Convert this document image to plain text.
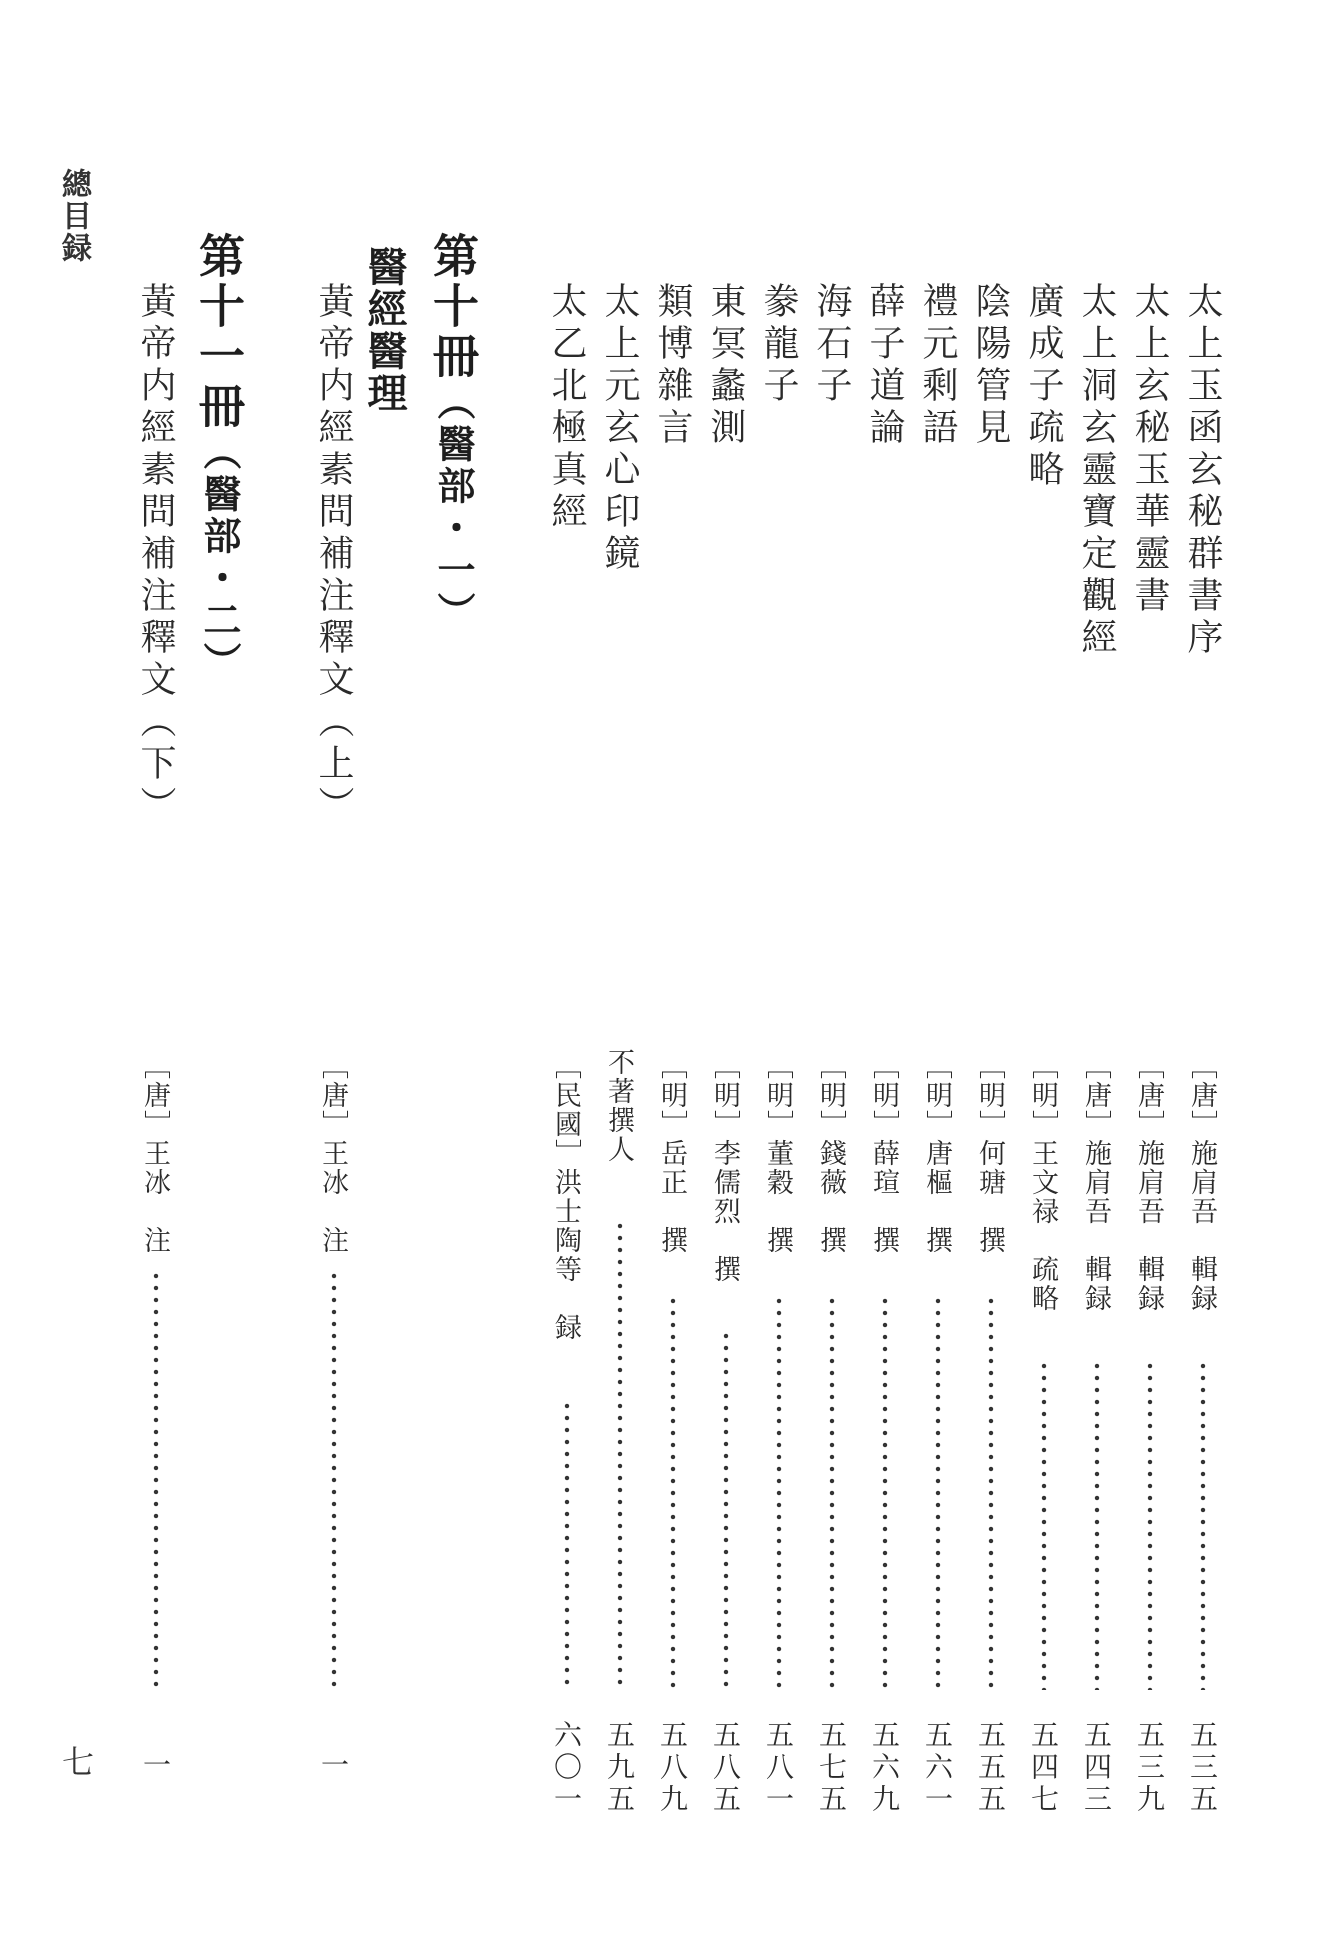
總目録
七
太上玉函玄秘群書序
［唐］施肩吾　輯録
五三五
太上玄秘玉華靈書
［唐］施肩吾　輯録
五三九
太上洞玄靈寶定觀經
［唐］施肩吾　輯録
五四三
廣成子疏略
［明］王文禄　疏略
五四七
陰陽管見
［明］何瑭　撰
五五五
禮元剩語
［明］唐樞　撰
五六一
薛子道論
［明］薛瑄　撰
五六九
海石子
［明］錢薇　撰
五七五
豢龍子
［明］董穀　撰
五八一
東冥蠡測
［明］李儒烈　撰
五八五
類博雜言
［明］岳正　撰
五八九
太上元玄心印鏡
不著撰人
五九五
太乙北極真經
［民國］洪士陶等　録
六〇一
第十冊（醫部・一）
醫經醫理
黃帝内經素問補注釋文（上）
［唐］王冰　注
一
第十一冊（醫部・二）
黃帝内經素問補注釋文（下）
［唐］王冰　注
一
